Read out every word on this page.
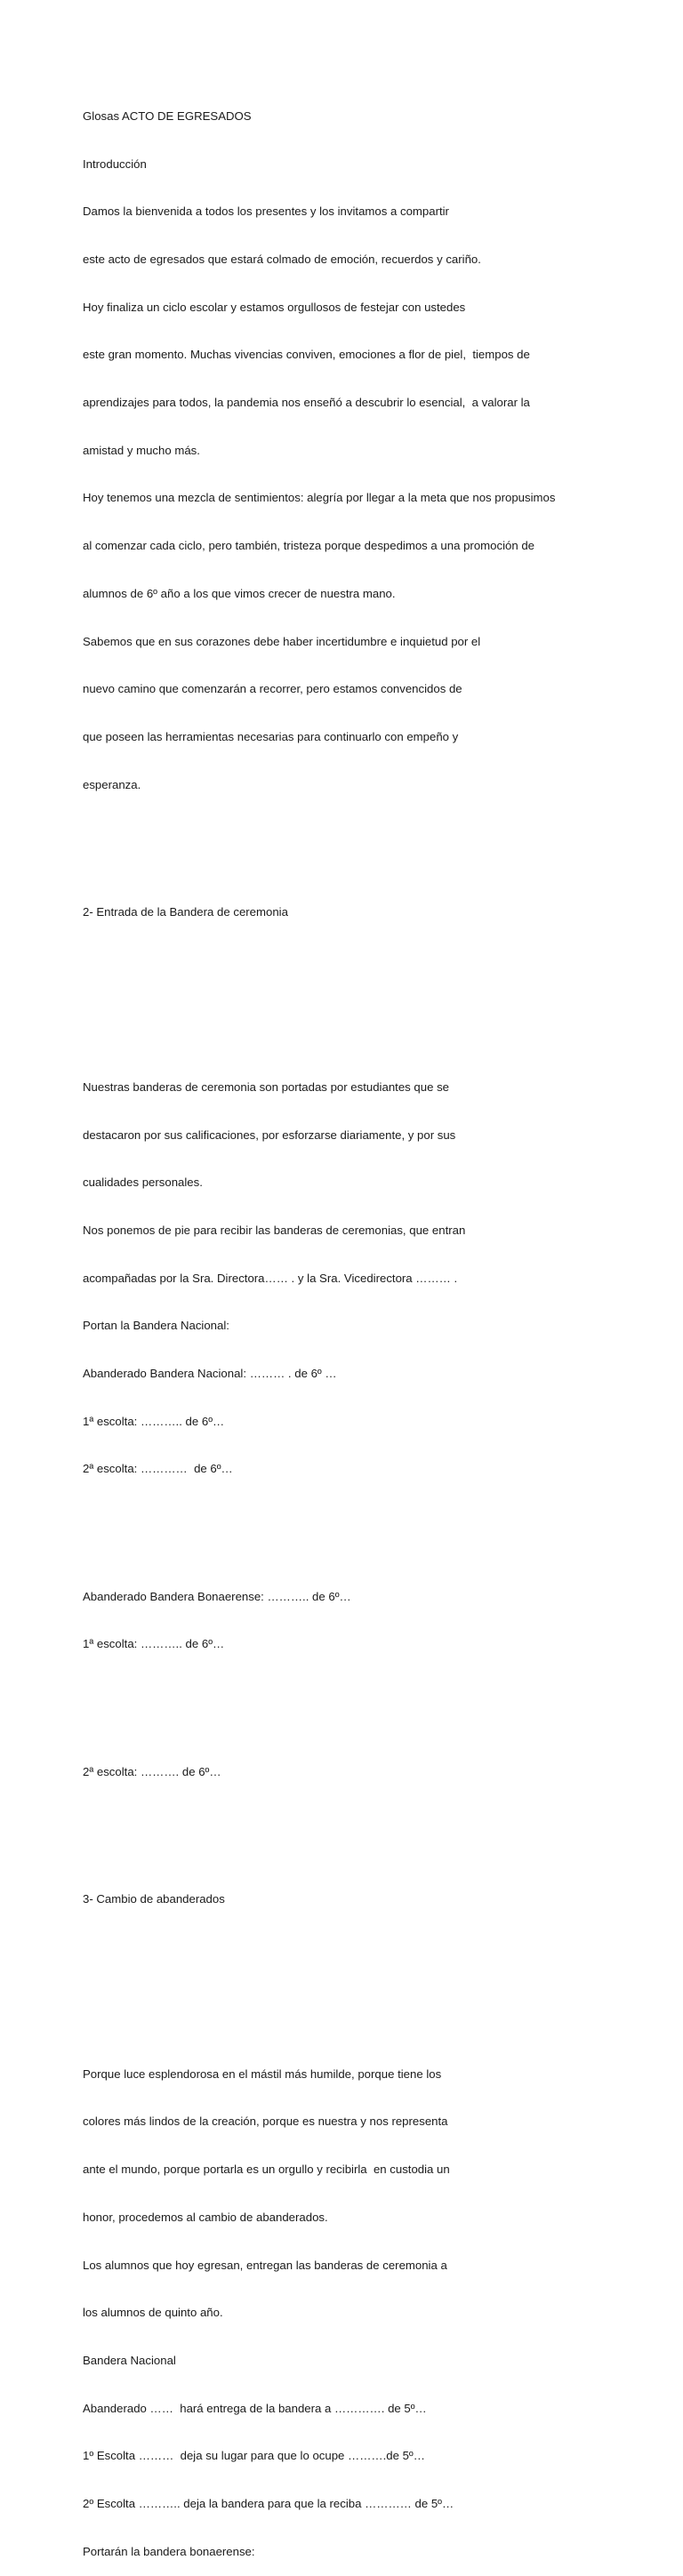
Glosas ACTO DE EGRESADOS

Introducción

Damos la bienvenida a todos los presentes y los invitamos a compartir

este acto de egresados que estará colmado de emoción, recuerdos y cariño.

Hoy finaliza un ciclo escolar y estamos orgullosos de festejar con ustedes

este gran momento. Muchas vivencias conviven, emociones a flor de piel,  tiempos de

aprendizajes para todos, la pandemia nos enseñó a descubrir lo esencial,  a valorar la

amistad y mucho más.

Hoy tenemos una mezcla de sentimientos: alegría por llegar a la meta que nos propusimos

al comenzar cada ciclo, pero también, tristeza porque despedimos a una promoción de

alumnos de 6º año a los que vimos crecer de nuestra mano.

Sabemos que en sus corazones debe haber incertidumbre e inquietud por el

nuevo camino que comenzarán a recorrer, pero estamos convencidos de

que poseen las herramientas necesarias para continuarlo con empeño y

esperanza.

2- Entrada de la Bandera de ceremonia

Nuestras banderas de ceremonia son portadas por estudiantes que se

destacaron por sus calificaciones, por esforzarse diariamente, y por sus

cualidades personales.

Nos ponemos de pie para recibir las banderas de ceremonias, que entran

acompañadas por la Sra. Directora…… . y la Sra. Vicedirectora ……… .

Portan la Bandera Nacional:

Abanderado Bandera Nacional: ……… . de 6º …

1ª escolta: ……….. de 6º…

2ª escolta: …………  de 6º…

Abanderado Bandera Bonaerense: ……….. de 6º…

1ª escolta: ……….. de 6º…

2ª escolta: ………. de 6º…

3- Cambio de abanderados

Porque luce esplendorosa en el mástil más humilde, porque tiene los

colores más lindos de la creación, porque es nuestra y nos representa

ante el mundo, porque portarla es un orgullo y recibirla  en custodia un

honor, procedemos al cambio de abanderados.

Los alumnos que hoy egresan, entregan las banderas de ceremonia a

los alumnos de quinto año.

Bandera Nacional

Abanderado ……  hará entrega de la bandera a …………. de 5º…

1º Escolta ………  deja su lugar para que lo ocupe ……….de 5º…

2º Escolta ……….. deja la bandera para que la reciba ………… de 5º…

Portarán la bandera bonaerense:
